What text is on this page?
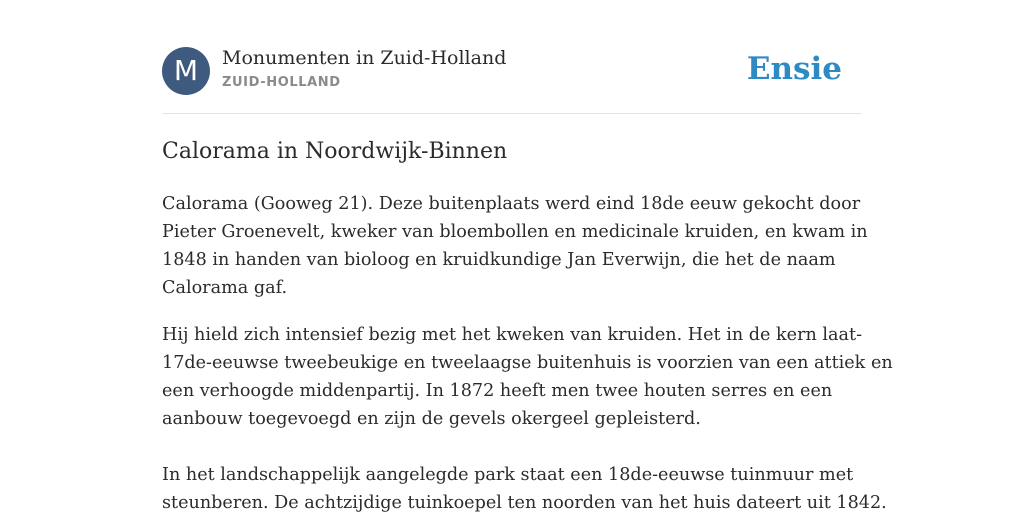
M	Monumenten in Zuid-Holland
ZUID-HOLLAND	Ensie
Calorama in Noordwijk-Binnen

Calorama (Gooweg 21). Deze buitenplaats werd eind 18de eeuw gekocht door
Pieter Groenevelt, kweker van bloembollen en medicinale kruiden, en kwam in
1848 in handen van bioloog en kruidkundige Jan Everwijn, die het de naam
Calorama gaf.

Hij hield zich intensief bezig met het kweken van kruiden. Het in de kern laat-
17de-eeuwse tweebeukige en tweelaagse buitenhuis is voorzien van een attiek en
een verhoogde middenpartij. In 1872 heeft men twee houten serres en een
aanbouw toegevoegd en zijn de gevels okergeel gepleisterd.
In het landschappelijk aangelegde park staat een 18de-eeuwse tuinmuur met
steunberen. De achtzijdige tuinkoepel ten noorden van het huis dateert uit 1842.
